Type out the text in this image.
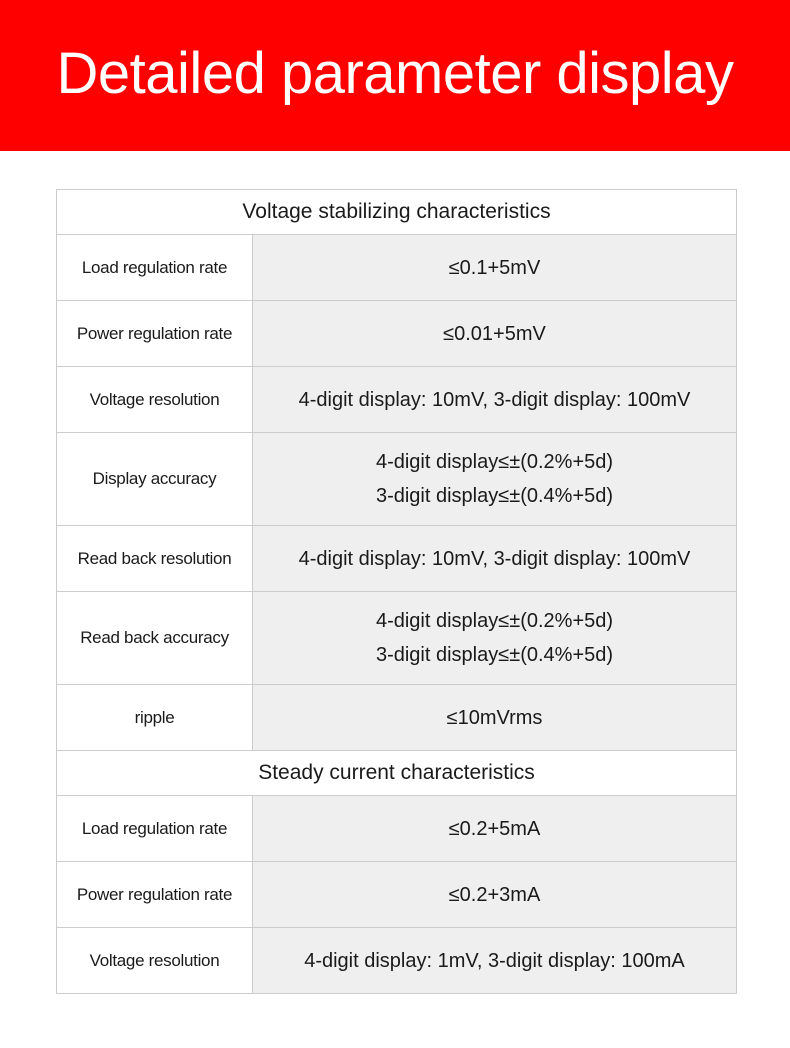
Detailed parameter display
Voltage stabilizing characteristics	
Load regulation rate	≤0.1+5mV

Power regulation rate	≤0.01+5mV

Voltage resolution	4-digit display: 10mV, 3-digit display: 100mV

Display accuracy	4-digit display≤±(0.2%+5d)
3-digit display≤±(0.4%+5d)

Read back resolution	4-digit display: 10mV, 3-digit display: 100mV

Read back accuracy	4-digit display≤±(0.2%+5d)
3-digit display≤±(0.4%+5d)

ripple	≤10mVrms

Steady current characteristics	
Load regulation rate	≤0.2+5mA

Power regulation rate	≤0.2+3mA

Voltage resolution	4-digit display: 1mV, 3-digit display: 100mA
